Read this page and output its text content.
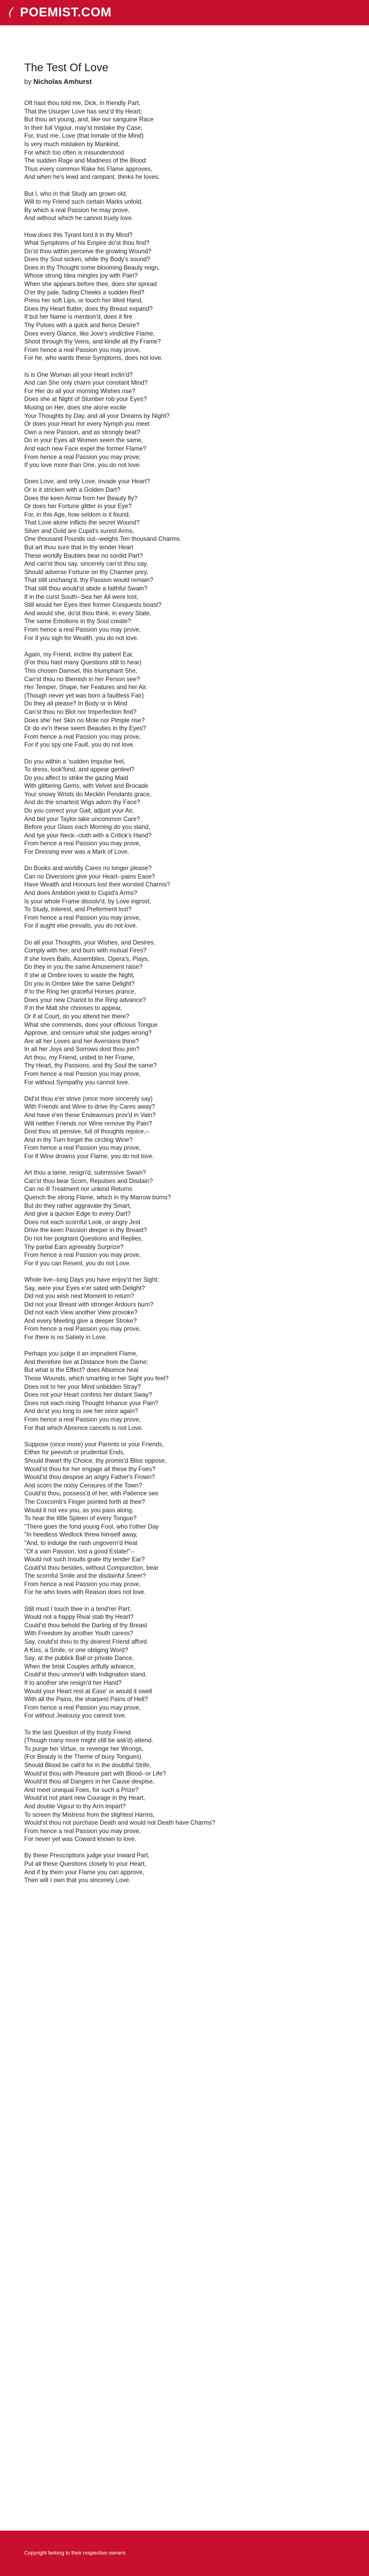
POEMIST.COM
The Test Of Love
by Nicholas Amhurst
Oft hast thou told me, Dick, in friendly Part,
That the Usurper Love has seiz'd thy Heart;
But thou art young, and, like our sanguine Race
In their full Vigour, may'st mistake thy Case;
For, trust me, Love (that Inmate of the Mind)
Is very much mistaken by Mankind,
For which too often is misunderstood
The sudden Rage and Madness of the Blood:
Thus every common Rake his Flame approves,
And when he's lewd and rampant, thinks he loves.
But I, who in that Study am grown old,
Will to my Friend such certain Marks unfold,
By which a real Passion he may prove,
And without which he cannot truely love.
How does this Tyrant lord it in thy Mind?
What Symptoms of his Empire do'st thou find?
Do'st thou within perceive the growing Wound?
Does thy Soul sicken, while thy Body's sound?
Does in thy Thought some blooming Beauty reign,
Whose strong Idea mingles joy with Pain?
When she appears before thee, does she spread
O'er thy pale, fading Cheeks a sudden Red?
Press her soft Lips, or touch her lilled Hand,
Does thy Heart flutter, does thy Breast expand?
If but her Name is mention'd, does it fire
Thy Pulses with a quick and fierce Desire?
Does every Glance, like Jove's vindictive Flame,
Shoot through thy Veins, and kindle all thy Frame?
From hence a real Passion you may prove,
For he, who wants these Symptoms, does not love.
Is is One Woman all your Heart inclin'd?
And can She only charm your constant Mind?
For Her do all your morning Wishes rise?
Does she at Night of Slumber rob your Eyes?
Musing on Her, does she alone excite
Your Thoughts by Day, and all your Dreams by Night?
Or does your Heart for every Nymph you meet
Own a new Passion, and as strongly beat?
Do in your Eyes all Women seem the same,
And each new Face expel the former Flame?
From hence a real Passion you may prove;
If you love more than One, you do not love.
Does Love, and only Love, invade your Heart?
Or is it stricken with a Golden Dart?
Does the keen Arrow from her Beauty fly?
Or does her Fortune glitter in your Eye?
For, in this Age, how seldom is it found,
That Love alone inflicts the secret Wound?
Silver and Gold are Cupid's surest Arms,
One thousand Pounds out--weighs Ten thousand Charms.
But art thou sure that in thy tender Heart
These worldly Baubles bear no sordid Part?
And can'st thou say, sincerely can'st thou say,
Should adverse Fortune on thy Charmer prey,
That still unchang'd, thy Passion would remain?
That still thou would'st abide a faithful Swain?
If in the curst South--Sea her All were lost,
Still would her Eyes their former Conquests boast?
And would she, do'st thou think, in every State,
The same Emotions in thy Soul create?
From hence a real Passion you may prove,
For if you sigh for Wealth, you do not love.
Again, my Friend, incline thy patient Ear,
(For thou hast many Questions still to hear)
This chosen Damsel, this triumphant She,
Can'st thou no Blemish in her Person see?
Her Temper, Shape, her Features and her Air,
(Though never yet was born a faultless Fair)
Do they all please? In Body or in Mind
Can'st thou no Blot nor Imperfection find?
Does she' her Skin no Mole nor Pimple rise?
Or do ev'n these seem Beauties in thy Eyes?
From hence a real Passion you may prove,
For if you spy one Fault, you do not love.
Do you within a 'sudden Impulse feel,
To dress, look'fond, and appear genteel?
Do you affect to strike the gazing Maid
With glittering Gems, with Velvet and Brocade
Your snowy Wrists do Mecklin Pendants grace,
And do the smartest Wigs adorn thy Face?
Do you correct your Gait, adjust your Air,
And bid your Taylor take uncommon Care?
Before your Glass each Morning do you stand,
And tye your Neck--cloth with a Critick's Hand?
From hence a real Passion you may prove,
For Dressing ever was a Mark of Love.
Do Books and worldly Cares no longer please?
Can no Diversions give your Heart--pains Ease?
Have Wealth and Honours lost their worsted Charms?
And does Ambition yield to Cupid's Arms?
Is your whole Frame dissolv'd, by Love ingrost,
To Study, Interest, and Preferment lost?
From hence a real Passion you may prove,
For if aught else prevails, you do not love.
Do all your Thoughts, your Wishes, and Desires,
Comply with her, and burn with mutual Fires?
If she loves Balls, Assemblies, Opera's, Plays,
Do they in you the same Amusement raise?
If she at Ombre loves to waste the Night,
Do you in Ombre take the same Delight?
If to the Ring her graceful Horses prance,
Does your new Chariot to the Ring advance?
If in the Mall she chooses to appear,
Or if at Court, do you attend her there?
What she commends, does your officious Tongue
Approve, and censure what she judges wrong?
Are all her Loves and her Aversions thine?
In all her Joys and Sorrows dost thou join?
Art thou, my Friend, united to her Frame,
Thy Heart, thy Passions, and thy Soul the same?
From hence a real Passion you may prove,
For without Sympathy you cannot love.
Did'st thou e'er strive (once more sincerely say)
With Friends and Wine to drive thy Cares away?
And have e'en these Endeavours prov'd in Vain?
Will neither Friends nor Wine remove thy Pain?
Dost thou sit pensive, full of thoughts rejoice,--
And in thy Turn forget the circling Wine?
From hence a real Passion you may prove,
For if Wine drowns your Flame, you do not love.
Art thou a tame, resign'd, submissive Swain?
Can'st thou bear Scorn, Repulses and Disdain?
Can no ill Treatment nor unkind Returns
Quench the strong Flame, which in thy Marrow burns?
But do they rather aggravate thy Smart,
And give a quicker Edge to every Dart?
Does not each scornful Look, or angry Jest
Drive the keen Passion deeper in thy Breast?
Do not her poignant Questions and Replies,
Thy partial Ears agreeably Surprize?
From hence a real Passion you may prove,
For if you can Resent, you do not Love.
Whole live--long Days you have enjoy'd her Sight;
Say, were your Eyes e'er sated with Delight?
Did not you wish next Moment to return?
Did not your Breast with stronger Ardours burn?
Did not each View another View provoke?
And every Meeting give a deeper Stroke?
From hence a real Passion you may prove,
For there is no Satiety in Love.
Perhaps you judge it an imprudent Flame,
And therefore live at Distance from the Dame;
But what is the Effect? does Absence heal
Those Wounds, which smarting in her Sight you feel?
Does not to her your Mind unbidden Stray?
Does not your Heart confess her distant Sway?
Does not each rising Thought Inhance your Pain?
And do'st you long to see her once again?
From hence a real Passion you may prove,
For that which Absence cancels is not Love.
Suppose (once more) your Parents or your Friends,
Either for peevish or prudential Ends,
Should thwart thy Choice, thy promis'd Bliss oppose,
Would'st thou for her engage all these thy Foes?
Would'st thou despise an angry Father's Frown?
And scorn the noisy Censures of the Town?
Could'st thou, possess'd of her, with Patience see
The Coxcomb's Finger pointed forth at thee?
Would it not vex you, as you pass along,
To hear the little Spleen of every Tongue?
"There goes the fond young Fool, who t'other Day
"In heedless Wedlock threw himself away,
"And, to indulge the rash ungovern'd Heat
"Of a vain Passion, lost a good Estate!"--
Would not such Insults grate thy tender Ear?
Could'st thou besides, without Compunction, bear
The scornful Smile and the disdainful Sneer?
From hence a real Passion you may prove,
For he who loves with Reason does not love.
Still must I touch thee in a tend'rer Part:
Would not a happy Rival stab thy Heart?
Could'st thou behold the Darling of thy Breast
With Freedom by another Youth caress?
Say, could'st thou to thy dearest Friend afford
A Kiss, a Smile, or one obliging Word?
Say, at the publick Ball or private Dance,
When the brisk Couples artfully advance,
Could'st thou unmov'd with Indignation stand,
If to another she resign'd her Hand?
Would your Heart rest at Ease' or would it swell
With all the Pains, the sharpest Pains of Hell?
From hence a real Passion you may prove,
For without Jealousy you cannot love.
To the last Question of thy trusty Friend
(Though many more might still be ask'd) attend.
To purge her Virtue, or revenge her Wrongs,
(For Beauty is the Theme of busy Tongues)
Should Blood be call'd for in the doubtful Strife,
Would'st thou with Pleasure part with Blood--or Life?
Would'st thou all Dangers in her Cause despise,
And meet unequal Foes, for such a Prize?
Would'st not plant new Courage in thy Heart,
And double Vigour to thy Arm impart?
To screen thy Mistress from the slightest Harms,
Would'st thou not purchase Death and would not Death have Charms?
From hence a real Passion you may prove,
For never yet was Coward known to love.
By these Prescriptions judge your inward Part,
Put all these Questions closely to your Heart,
And if by them your Flame you can approve,
Then will I own that you sincerely Love.
Copyright belong to their respective owners
